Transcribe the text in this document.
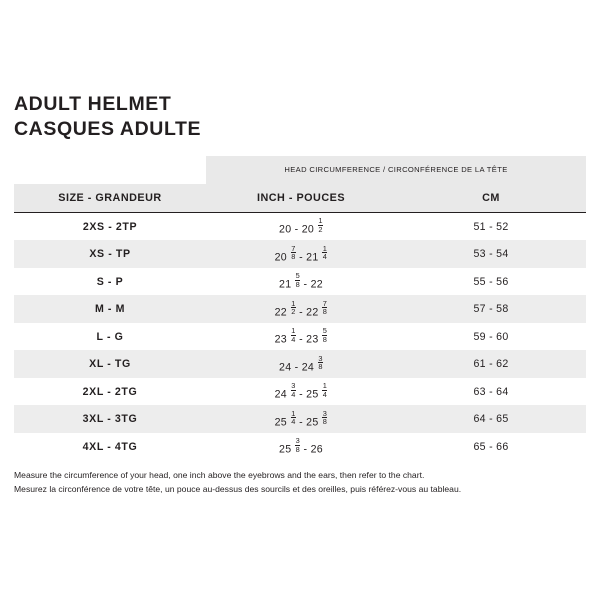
ADULT HELMET
CASQUES ADULTE
	HEAD CIRCUMFERENCE / CIRCONFÉRENCE DE LA TÊTE	
SIZE - GRANDEUR	INCH - POUCES	CM
2XS - 2TP	$20 - 20 \frac{1}{2}$	51 - 52
XS - TP	$20 \frac{7}{8} - 21 \frac{1}{4}$	53 - 54
S - P	$21 \frac{5}{8} - 22$	55 - 56
M - M	$22 \frac{1}{2} - 22 \frac{7}{8}$	57 - 58
L - G	$23 \frac{1}{4} - 23 \frac{5}{8}$	59 - 60
XL - TG	$24 - 24 \frac{3}{8}$	61 - 62
2XL - 2TG	$24 \frac{3}{4} - 25 \frac{1}{4}$	63 - 64
3XL - 3TG	$25 \frac{1}{4} - 25 \frac{3}{8}$	64 - 65
4XL - 4TG	$25 \frac{3}{8} - 26$	65 - 66
Measure the circumference of your head, one inch above the eyebrows and the ears, then refer to the chart.
Mesurez la circonférence de votre tête, un pouce au-dessus des sourcils et des oreilles, puis référez-vous au tableau.
